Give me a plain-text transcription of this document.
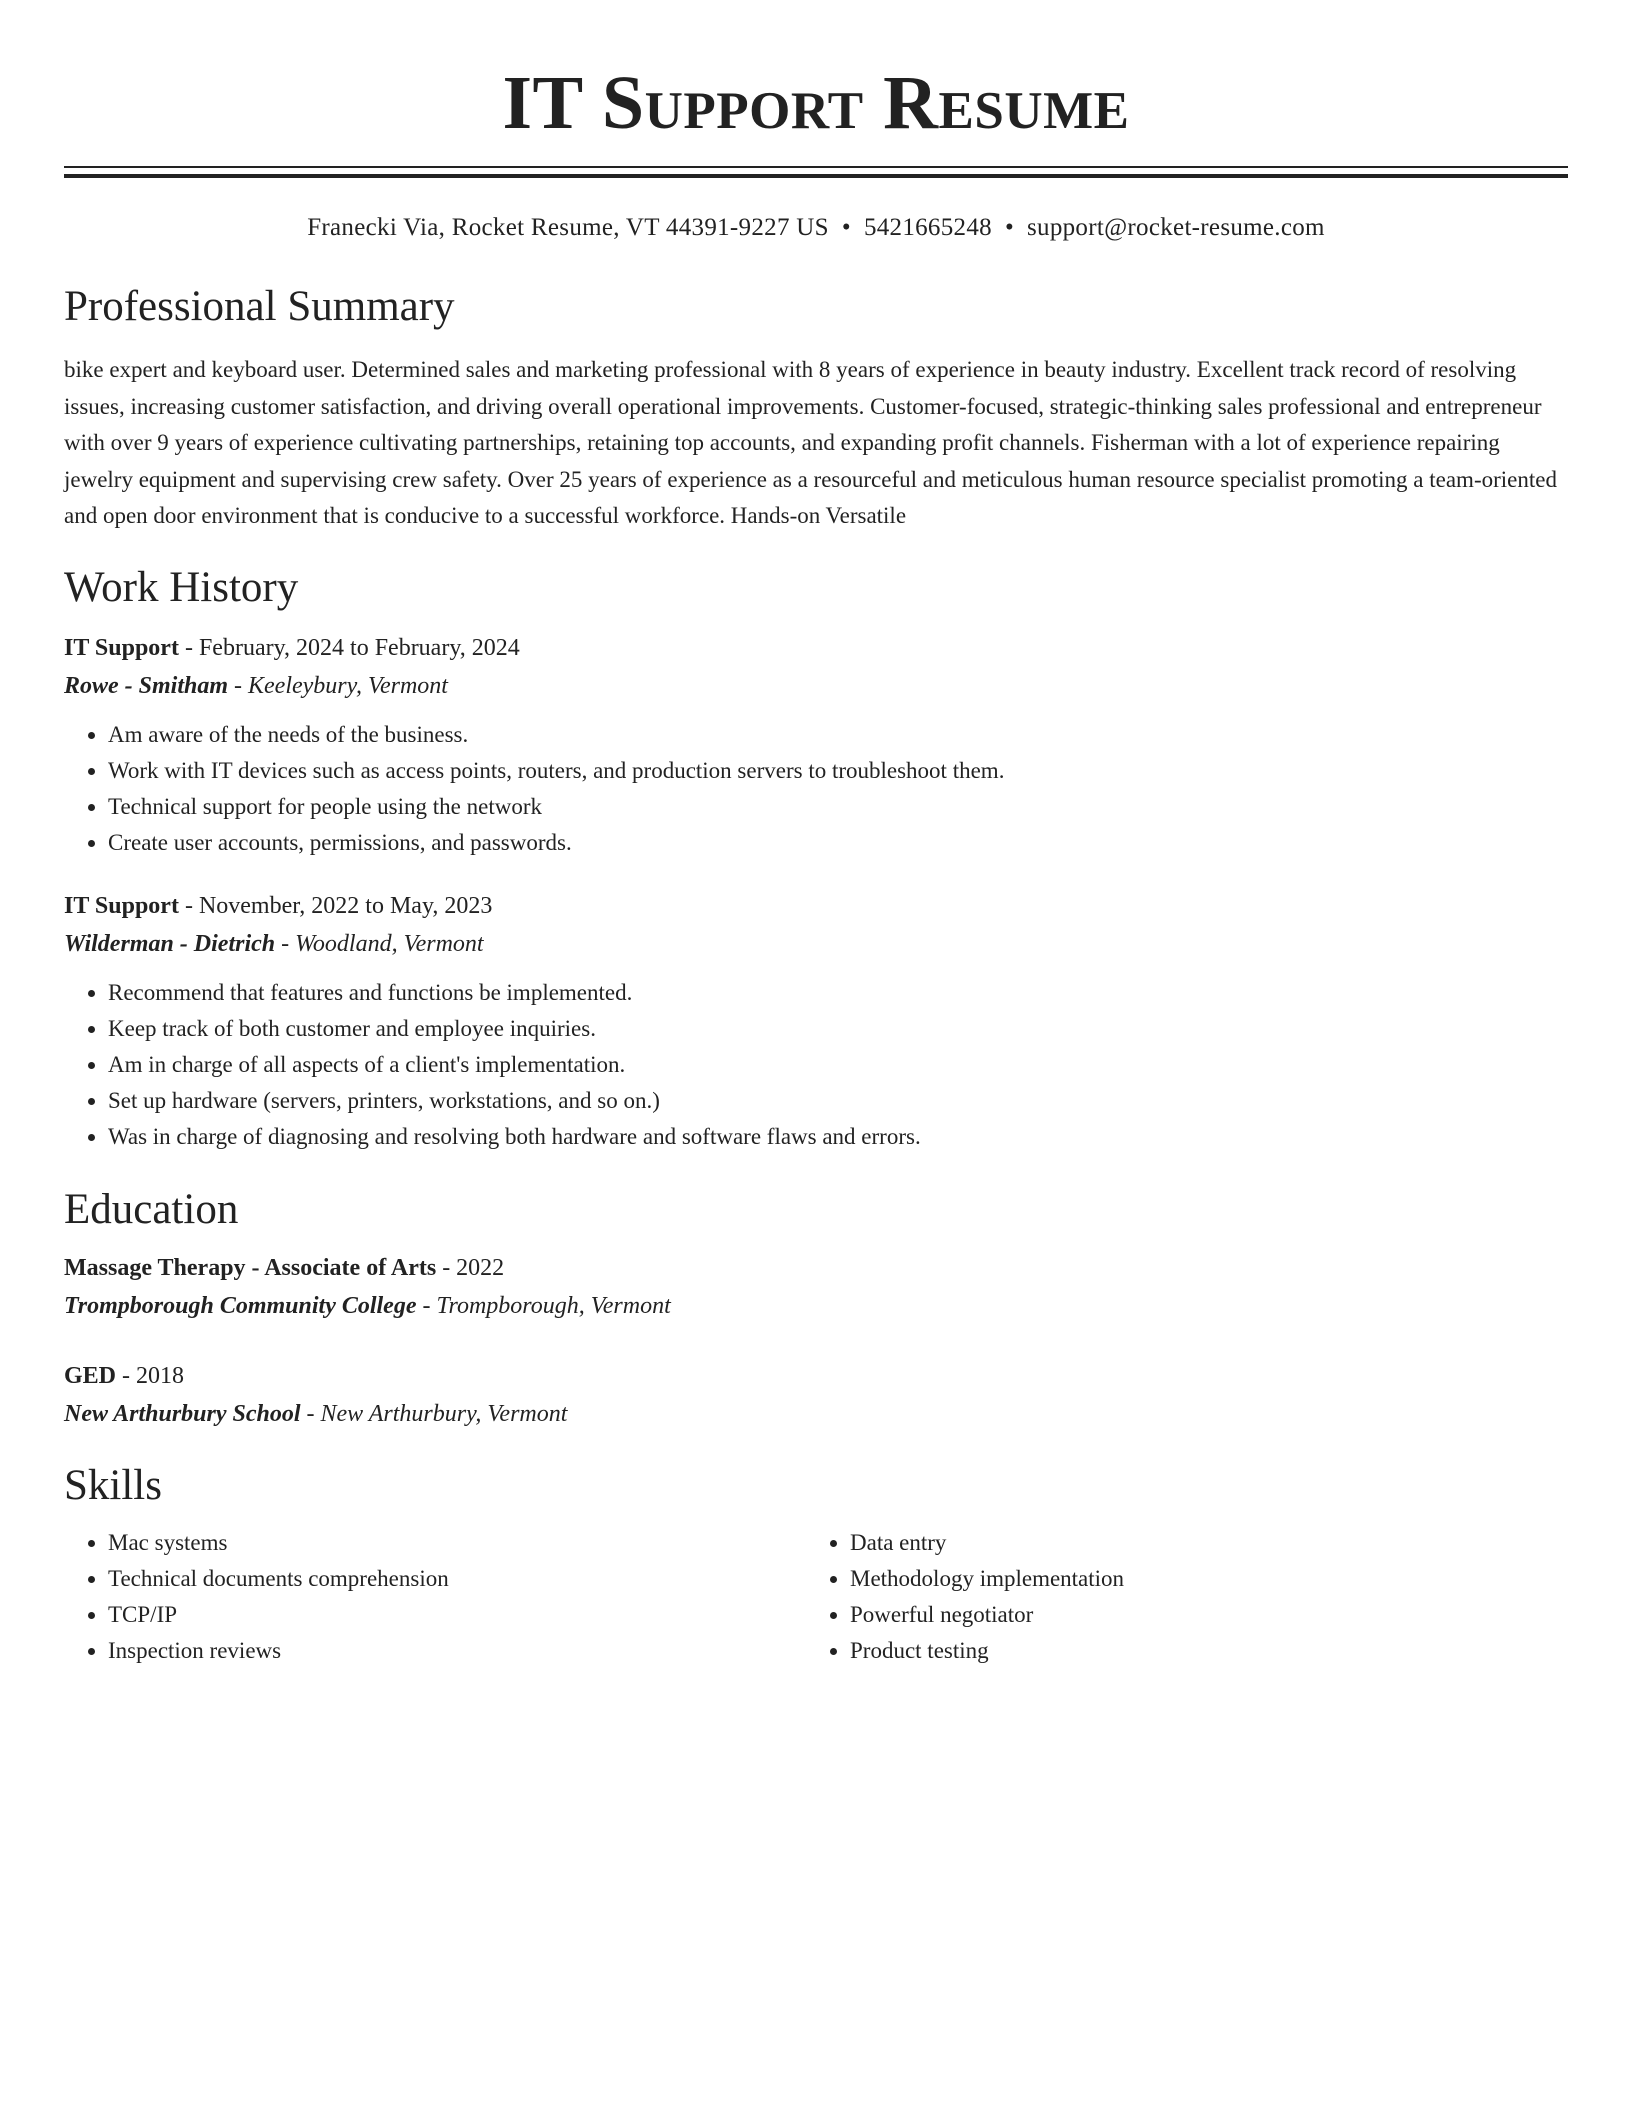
IT Support Resume
Franecki Via, Rocket Resume, VT 44391-9227 US • 5421665248 • support@rocket-resume.com
Professional Summary

bike expert and keyboard user. Determined sales and marketing professional with 8 years of experience in beauty industry. Excellent track record of resolving issues, increasing customer satisfaction, and driving overall operational improvements. Customer-focused, strategic-thinking sales professional and entrepreneur with over 9 years of experience cultivating partnerships, retaining top accounts, and expanding profit channels. Fisherman with a lot of experience repairing jewelry equipment and supervising crew safety. Over 25 years of experience as a resourceful and meticulous human resource specialist promoting a team-oriented and open door environment that is conducive to a successful workforce. Hands-on Versatile

Work History
IT Support - February, 2024 to February, 2024
Rowe - Smitham - Keeleybury, Vermont
• Am aware of the needs of the business.
• Work with IT devices such as access points, routers, and production servers to troubleshoot them.
• Technical support for people using the network
• Create user accounts, permissions, and passwords.
IT Support - November, 2022 to May, 2023
Wilderman - Dietrich - Woodland, Vermont
• Recommend that features and functions be implemented.
• Keep track of both customer and employee inquiries.
• Am in charge of all aspects of a client's implementation.
• Set up hardware (servers, printers, workstations, and so on.)
• Was in charge of diagnosing and resolving both hardware and software flaws and errors.
Education
Massage Therapy - Associate of Arts - 2022
Trompborough Community College - Trompborough, Vermont
GED - 2018
New Arthurbury School - New Arthurbury, Vermont
Skills
• Mac systems
• Technical documents comprehension
• TCP/IP
• Inspection reviews
• Data entry
• Methodology implementation
• Powerful negotiator
• Product testing
